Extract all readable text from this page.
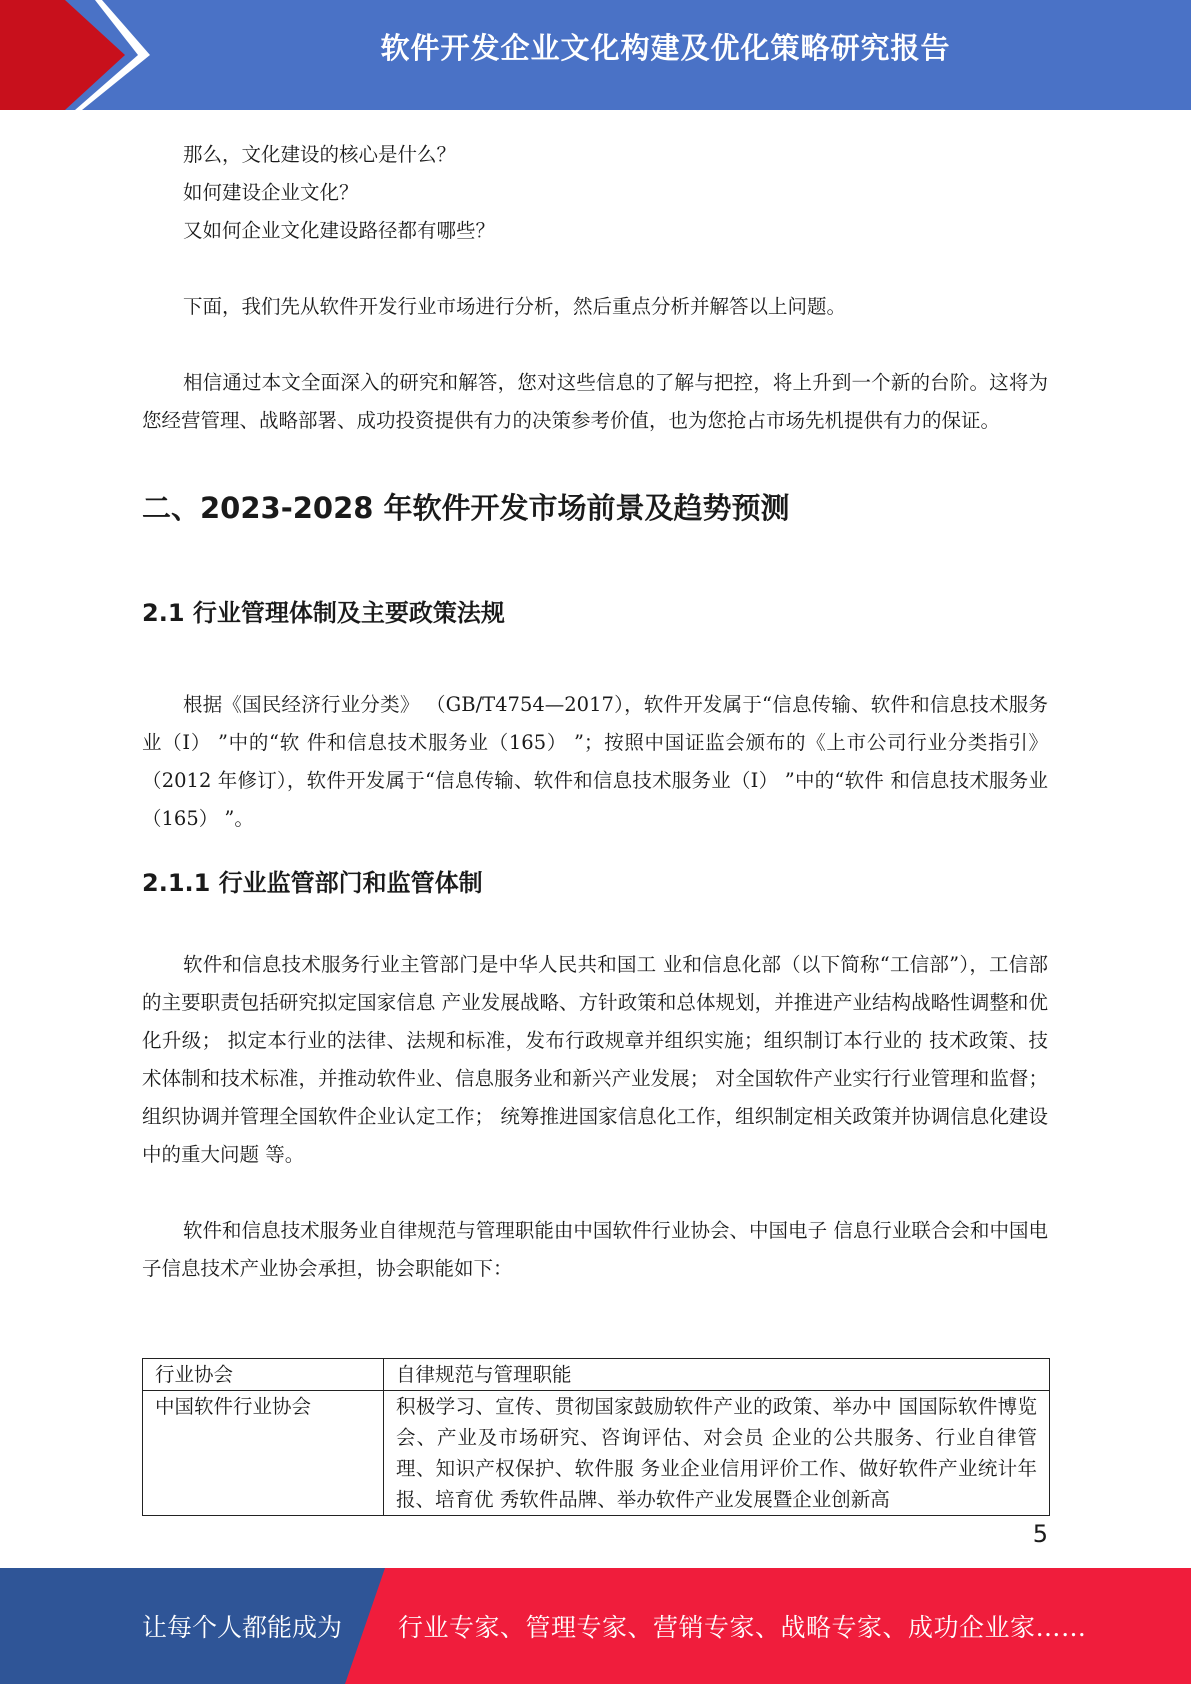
软件开发企业文化构建及优化策略研究报告

那么，文化建设的核心是什么？

如何建设企业文化？

又如何企业文化建设路径都有哪些？

下面，我们先从软件开发行业市场进行分析，然后重点分析并解答以上问题。

相信通过本文全面深入的研究和解答，您对这些信息的了解与把控，将上升到一个新的台阶。这将为您经营管理、战略部署、成功投资提供有力的决策参考价值，也为您抢占市场先机提供有力的保证。

二、2023-2028 年软件开发市场前景及趋势预测
2.1 行业管理体制及主要政策法规

根据《国民经济行业分类》 （GB/T4754—2017），软件开发属于“信息传输、软件和信息技术服务业（I） ”中的“软 件和信息技术服务业（165） ”；按照中国证监会颁布的《上市公司行业分类指引》 （2012 年修订），软件开发属于“信息传输、软件和信息技术服务业（I） ”中的“软件 和信息技术服务业（165） ”。

2.1.1 行业监管部门和监管体制

软件和信息技术服务行业主管部门是中华人民共和国工 业和信息化部（以下简称“工信部”），工信部的主要职责包括研究拟定国家信息 产业发展战略、方针政策和总体规划，并推进产业结构战略性调整和优化升级； 拟定本行业的法律、法规和标准，发布行政规章并组织实施；组织制订本行业的 技术政策、技术体制和技术标准，并推动软件业、信息服务业和新兴产业发展； 对全国软件产业实行行业管理和监督；组织协调并管理全国软件企业认定工作； 统筹推进国家信息化工作，组织制定相关政策并协调信息化建设中的重大问题 等。

软件和信息技术服务业自律规范与管理职能由中国软件行业协会、中国电子 信息行业联合会和中国电子信息技术产业协会承担，协会职能如下：

行业协会	自律规范与管理职能
中国软件行业协会	积极学习、宣传、贯彻国家鼓励软件产业的政策、举办中 国国际软件博览会、产业及市场研究、咨询评估、对会员 企业的公共服务、行业自律管理、知识产权保护、软件服 务业企业信用评价工作、做好软件产业统计年报、培育优 秀软件品牌、举办软件产业发展暨企业创新高
5
让每个人都能成为 行业专家、管理专家、营销专家、战略专家、成功企业家……
